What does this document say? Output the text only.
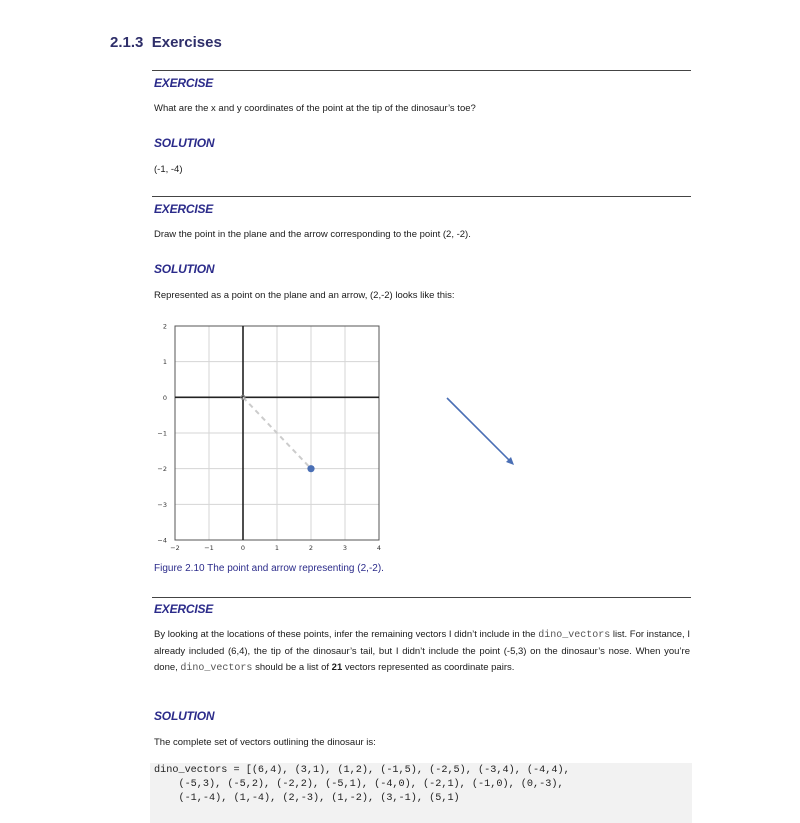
2.1.3 Exercises
EXERCISE
What are the x and y coordinates of the point at the tip of the dinosaur’s toe?
SOLUTION
(-1, -4)
EXERCISE
Draw the point in the plane and the arrow corresponding to the point (2, -2).
SOLUTION
Represented as a point on the plane and an arrow, (2,-2) looks like this:
−2	−1	0	1	2	3	4
2
1
0
−1
−2
−3
−4
Figure 2.10 The point and arrow representing (2,-2).
EXERCISE
By looking at the locations of these points, infer the remaining vectors I didn’t include in the dino_vectors list. For instance, I already included (6,4), the tip of the dinosaur’s tail, but I didn’t include the point (-5,3) on the dinosaur’s nose. When you’re done, dino_vectors should be a list of 21 vectors represented as coordinate pairs.
SOLUTION
The complete set of vectors outlining the dinosaur is:
dino_vectors = [(6,4), (3,1), (1,2), (-1,5), (-2,5), (-3,4), (-4,4),
(-5,3), (-5,2), (-2,2), (-5,1), (-4,0), (-2,1), (-1,0), (0,-3),
(-1,-4), (1,-4), (2,-3), (1,-2), (3,-1), (5,1)
